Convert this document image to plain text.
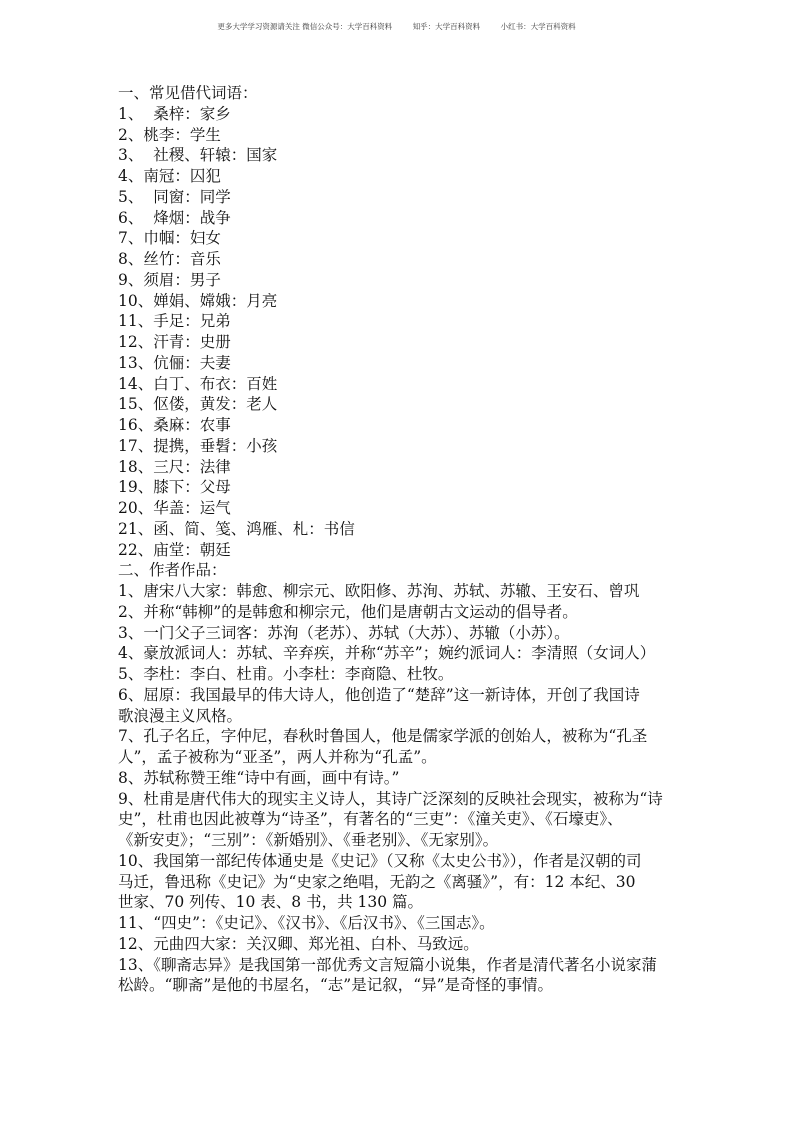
更多大学学习资源请关注 微信公众号：大学百科资料	知乎：大学百科资料	小红书：大学百科资料
一、常见借代词语：
1、  桑梓：家乡
2、桃李：学生
3、  社稷、轩辕：国家
4、南冠：囚犯
5、  同窗：同学
6、  烽烟：战争
7、巾帼：妇女
8、丝竹：音乐
9、须眉：男子
10、婵娟、嫦娥：月亮
11、手足：兄弟
12、汗青：史册
13、伉俪：夫妻
14、白丁、布衣：百姓
15、伛偻，黄发：老人
16、桑麻：农事
17、提携，垂髫：小孩
18、三尺：法律
19、膝下：父母
20、华盖：运气
21、函、简、笺、鸿雁、札：书信
22、庙堂：朝廷
二、作者作品：
1、唐宋八大家：韩愈、柳宗元、欧阳修、苏洵、苏轼、苏辙、王安石、曾巩
2、并称“韩柳”的是韩愈和柳宗元，他们是唐朝古文运动的倡导者。
3、一门父子三词客：苏洵（老苏）、苏轼（大苏）、苏辙（小苏）。
4、豪放派词人：苏轼、辛弃疾，并称“苏辛”；婉约派词人：李清照（女词人）
5、李杜：李白、杜甫。小李杜：李商隐、杜牧。
6、屈原：我国最早的伟大诗人，他创造了“楚辞”这一新诗体，开创了我国诗
歌浪漫主义风格。
7、孔子名丘，字仲尼，春秋时鲁国人，他是儒家学派的创始人，被称为“孔圣
人”，孟子被称为“亚圣”，两人并称为“孔孟”。
8、苏轼称赞王维“诗中有画，画中有诗。”
9、杜甫是唐代伟大的现实主义诗人，其诗广泛深刻的反映社会现实，被称为“诗
史”，杜甫也因此被尊为“诗圣”，有著名的“三吏”：《潼关吏》、《石壕吏》、
《新安吏》；“三别”：《新婚别》、《垂老别》、《无家别》。
10、我国第一部纪传体通史是《史记》（又称《太史公书》），作者是汉朝的司
马迁，鲁迅称《史记》为“史家之绝唱，无韵之《离骚》”，有：12 本纪、30
世家、70 列传、10 表、8 书，共 130 篇。
11、“四史”：《史记》、《汉书》、《后汉书》、《三国志》。
12、元曲四大家：关汉卿、郑光祖、白朴、马致远。
13、《聊斋志异》是我国第一部优秀文言短篇小说集，作者是清代著名小说家蒲
松龄。“聊斋”是他的书屋名，“志”是记叙，“异”是奇怪的事情。
